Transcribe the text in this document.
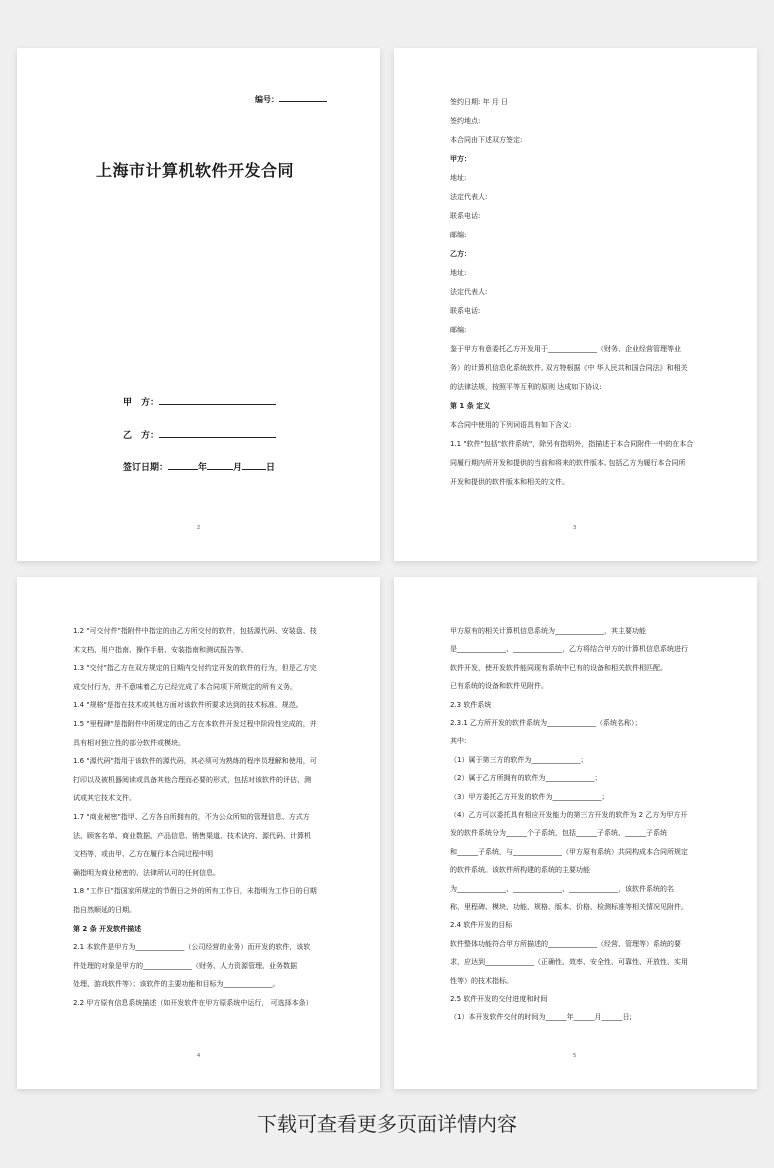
编号：
上海市计算机软件开发合同
甲　方：
乙　方：
签订日期：	年	月	日
2
签约日期: 年 月 日
签约地点:
本合同由下述双方签定:
甲方：
地址:
法定代表人:
联系电话:
邮编:
乙方：
地址:
法定代表人:
联系电话:
邮编:
鉴于甲方有意委托乙方开发用于______________（财务、企业经营管理等业
务）的计算机信息化系统软件, 双方特根据《中 华人民共和国合同法》和相关
的法律法规，按照平等互利的原则 达成如下协议:
第 1 条 定义
本合同中使用的下列词语具有如下含义:
1.1 "软件"包括"软件系统"，除另有指明外，指描述于本合同附件一中的在本合
同履行期内所开发和提供的当前和将来的软件版本, 包括乙方为履行本合同所
开发和提供的软件版本和相关的文件。
3
1.2 "可交付件"指附件中指定的由乙方所交付的软件，包括源代码、安装盘、技
术文档、用户指南、操作手册、安装指南和测试报告等。
1.3 "交付"指乙方在双方规定的日期内交付约定开发的软件的行为，但是乙方完
成交付行为，并不意味着乙方已经完成了本合同项下所规定的所有义务。
1.4 "规格"是指在技术或其他方面对该软件所要求达到的技术标准、规范。
1.5 "里程碑"是指附件中所规定的由乙方在本软件开发过程中阶段性完成的，并
具有相对独立性的部分软件或模块。
1.6 "源代码"指用于该软件的源代码，其必须可为熟练的程序员理解和使用，可
打印以及被机器阅读或具备其他合理而必要的形式，包括对该软件的评估、测
试或其它技术文件。
1.7 "商业秘密"指甲、乙方各自所拥有的，不为公众所知的管理信息、方式方
法、顾客名单、商业数据、产品信息、销售渠道、技术诀窍、源代码、计算机
文档等，或由甲、乙方在履行本合同过程中明
确指明为商业秘密的、法律所认可的任何信息。
1.8 "工作日"指国家所规定的节假日之外的所有工作日，未指明为工作日的日期
指自然顺延的日期。
第 2 条 开发软件描述
2.1 本软件是甲方为______________（公司经营的业务）而开发的软件，该软
件处理的对象是甲方的______________（财务、人力资源管理、业务数据
处理、游戏软件等）；该软件的主要功能和目标为______________。
2.2 甲方原有信息系统描述（如开发软件在甲方原系统中运行， 可选择本条）
4
甲方原有的相关计算机信息系统为______________，其主要功能
是______________、______________，乙方将结合甲方的计算机信息系统进行
软件开发，使开发软件能同现有系统中已有的设备和相关软件相匹配。
已有系统的设备和软件见附件。
2.3 软件系统
2.3.1 乙方所开发的软件系统为______________（系统名称）；
其中:
（1）属于第三方的软件为______________；
（2）属于乙方所拥有的软件为______________；
（3）甲方委托乙方开发的软件为______________；
（4）乙方可以委托具有相应开发能力的第三方开发的软件为 2 乙方为甲方开
发的软件系统分为______个子系统，包括______子系统、______子系统
和______子系统，与______________（甲方原有系统）共同构成本合同所规定
的软件系统。该软件所构建的系统的主要功能
为______________、______________、______________，该软件系统的名
称、里程碑、模块、功能、规格、版本、价格、检测标准等相关情况见附件。
2.4 软件开发的目标
软件整体功能符合甲方所描述的______________（经营、管理等）系统的要
求，应达到______________（正确性、效率、安全性、可靠性、开放性、实用
性等）的技术指标。
2.5 软件开发的交付进度和时间
（1）本开发软件交付的时间为______年______月______日;
5
下载可查看更多页面详情内容
